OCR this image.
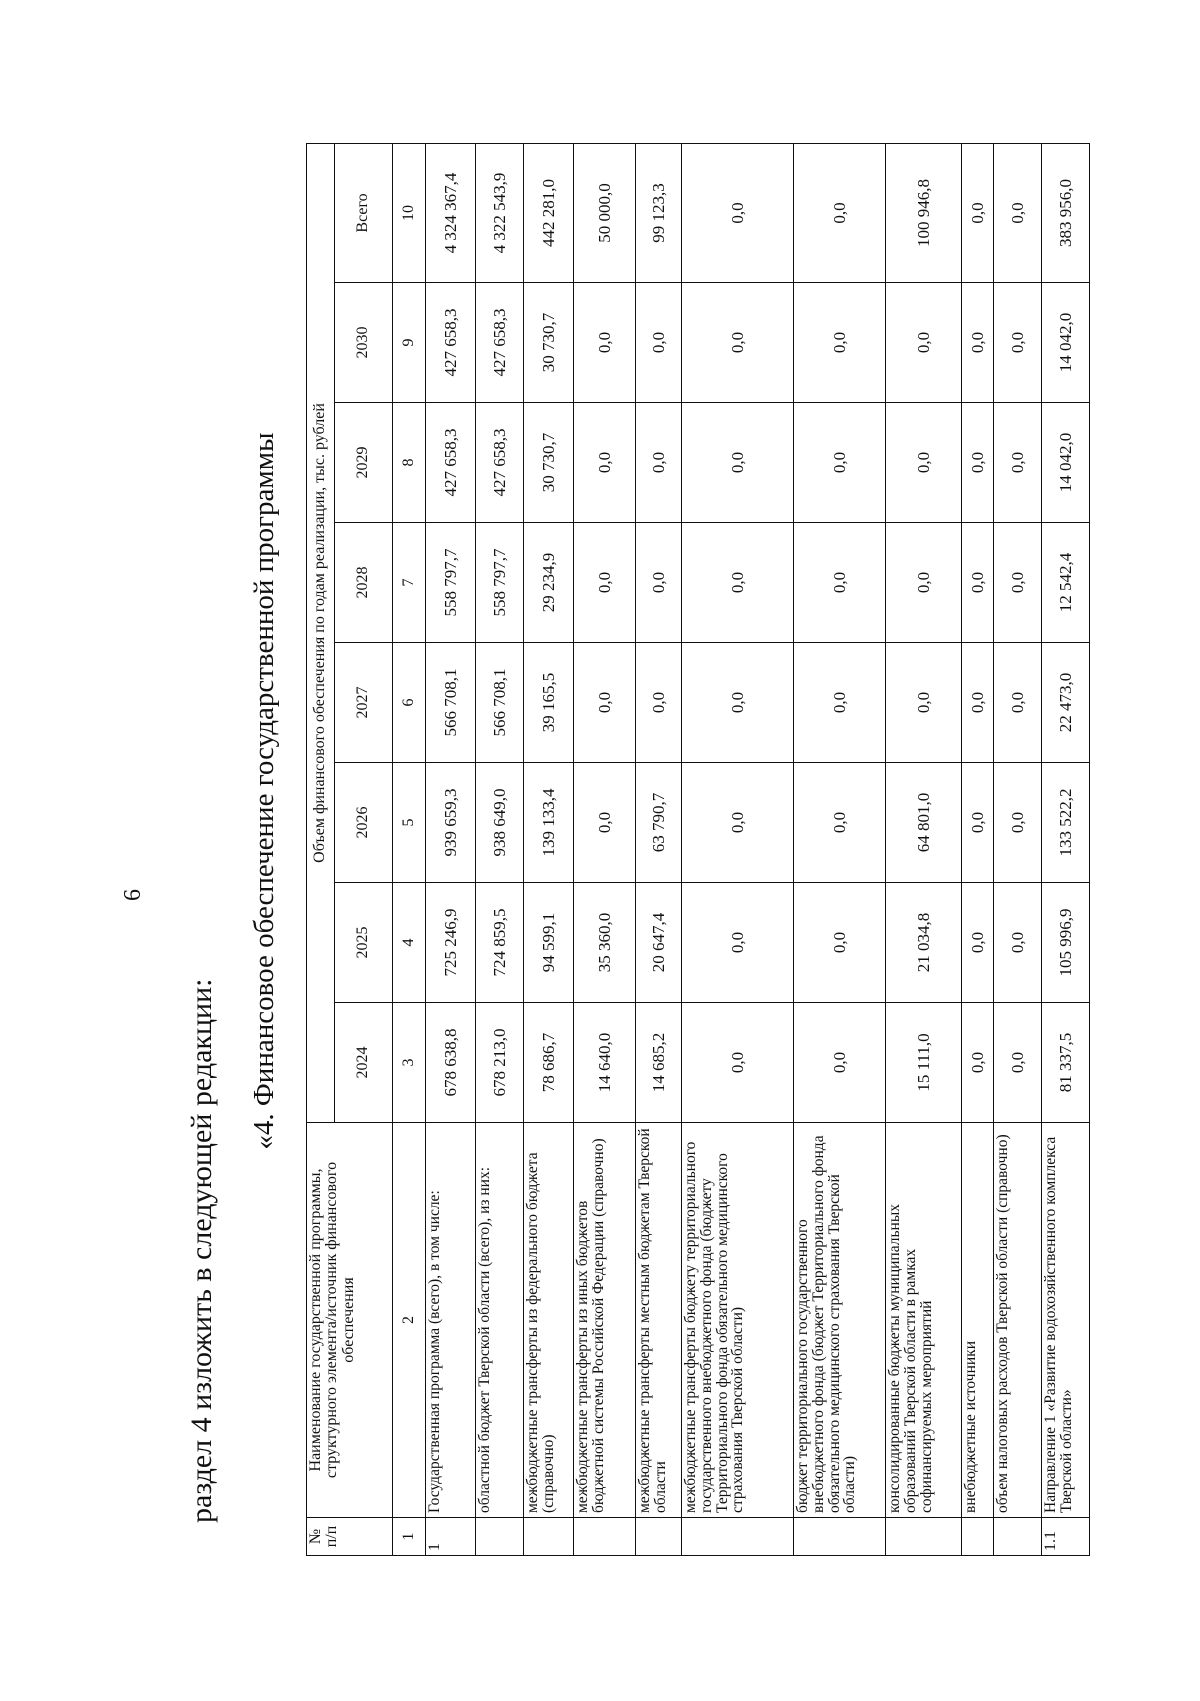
6
раздел 4 изложить в следующей редакции:
«4. Финансовое обеспечение государственной программы
№ п/п	Наименование государственной программы, структурного элемента/источник финансового обеспечения	Объем финансового обеспечения по годам реализации, тыс. рублей							
		2024	2025	2026	2027	2028	2029	2030	Всего
1	2	3	4	5	6	7	8	9	10
1	Государственная программа (всего), в том числе:	678 638,8	725 246,9	939 659,3	566 708,1	558 797,7	427 658,3	427 658,3	4 324 367,4
	областной бюджет Тверской области (всего), из них:	678 213,0	724 859,5	938 649,0	566 708,1	558 797,7	427 658,3	427 658,3	4 322 543,9
	межбюджетные трансферты из федерального бюджета (справочно)	78 686,7	94 599,1	139 133,4	39 165,5	29 234,9	30 730,7	30 730,7	442 281,0
	межбюджетные трансферты из иных бюджетов бюджетной системы Российской Федерации (справочно)	14 640,0	35 360,0	0,0	0,0	0,0	0,0	0,0	50 000,0
	межбюджетные трансферты местным бюджетам Тверской области	14 685,2	20 647,4	63 790,7	0,0	0,0	0,0	0,0	99 123,3
	межбюджетные трансферты бюджету территориального государственного внебюджетного фонда (бюджету Территориального фонда обязательного медицинского страхования Тверской области)	0,0	0,0	0,0	0,0	0,0	0,0	0,0	0,0
	бюджет территориального государственного внебюджетного фонда (бюджет Территориального фонда обязательного медицинского страхования Тверской области)	0,0	0,0	0,0	0,0	0,0	0,0	0,0	0,0
	консолидированные бюджеты муниципальных образований Тверской области в рамках софинансируемых мероприятий	15 111,0	21 034,8	64 801,0	0,0	0,0	0,0	0,0	100 946,8
	внебюджетные источники	0,0	0,0	0,0	0,0	0,0	0,0	0,0	0,0
	объем налоговых расходов Тверской области (справочно)	0,0	0,0	0,0	0,0	0,0	0,0	0,0	0,0
1.1	Направление 1 «Развитие водохозяйственного комплекса Тверской области»	81 337,5	105 996,9	133 522,2	22 473,0	12 542,4	14 042,0	14 042,0	383 956,0
